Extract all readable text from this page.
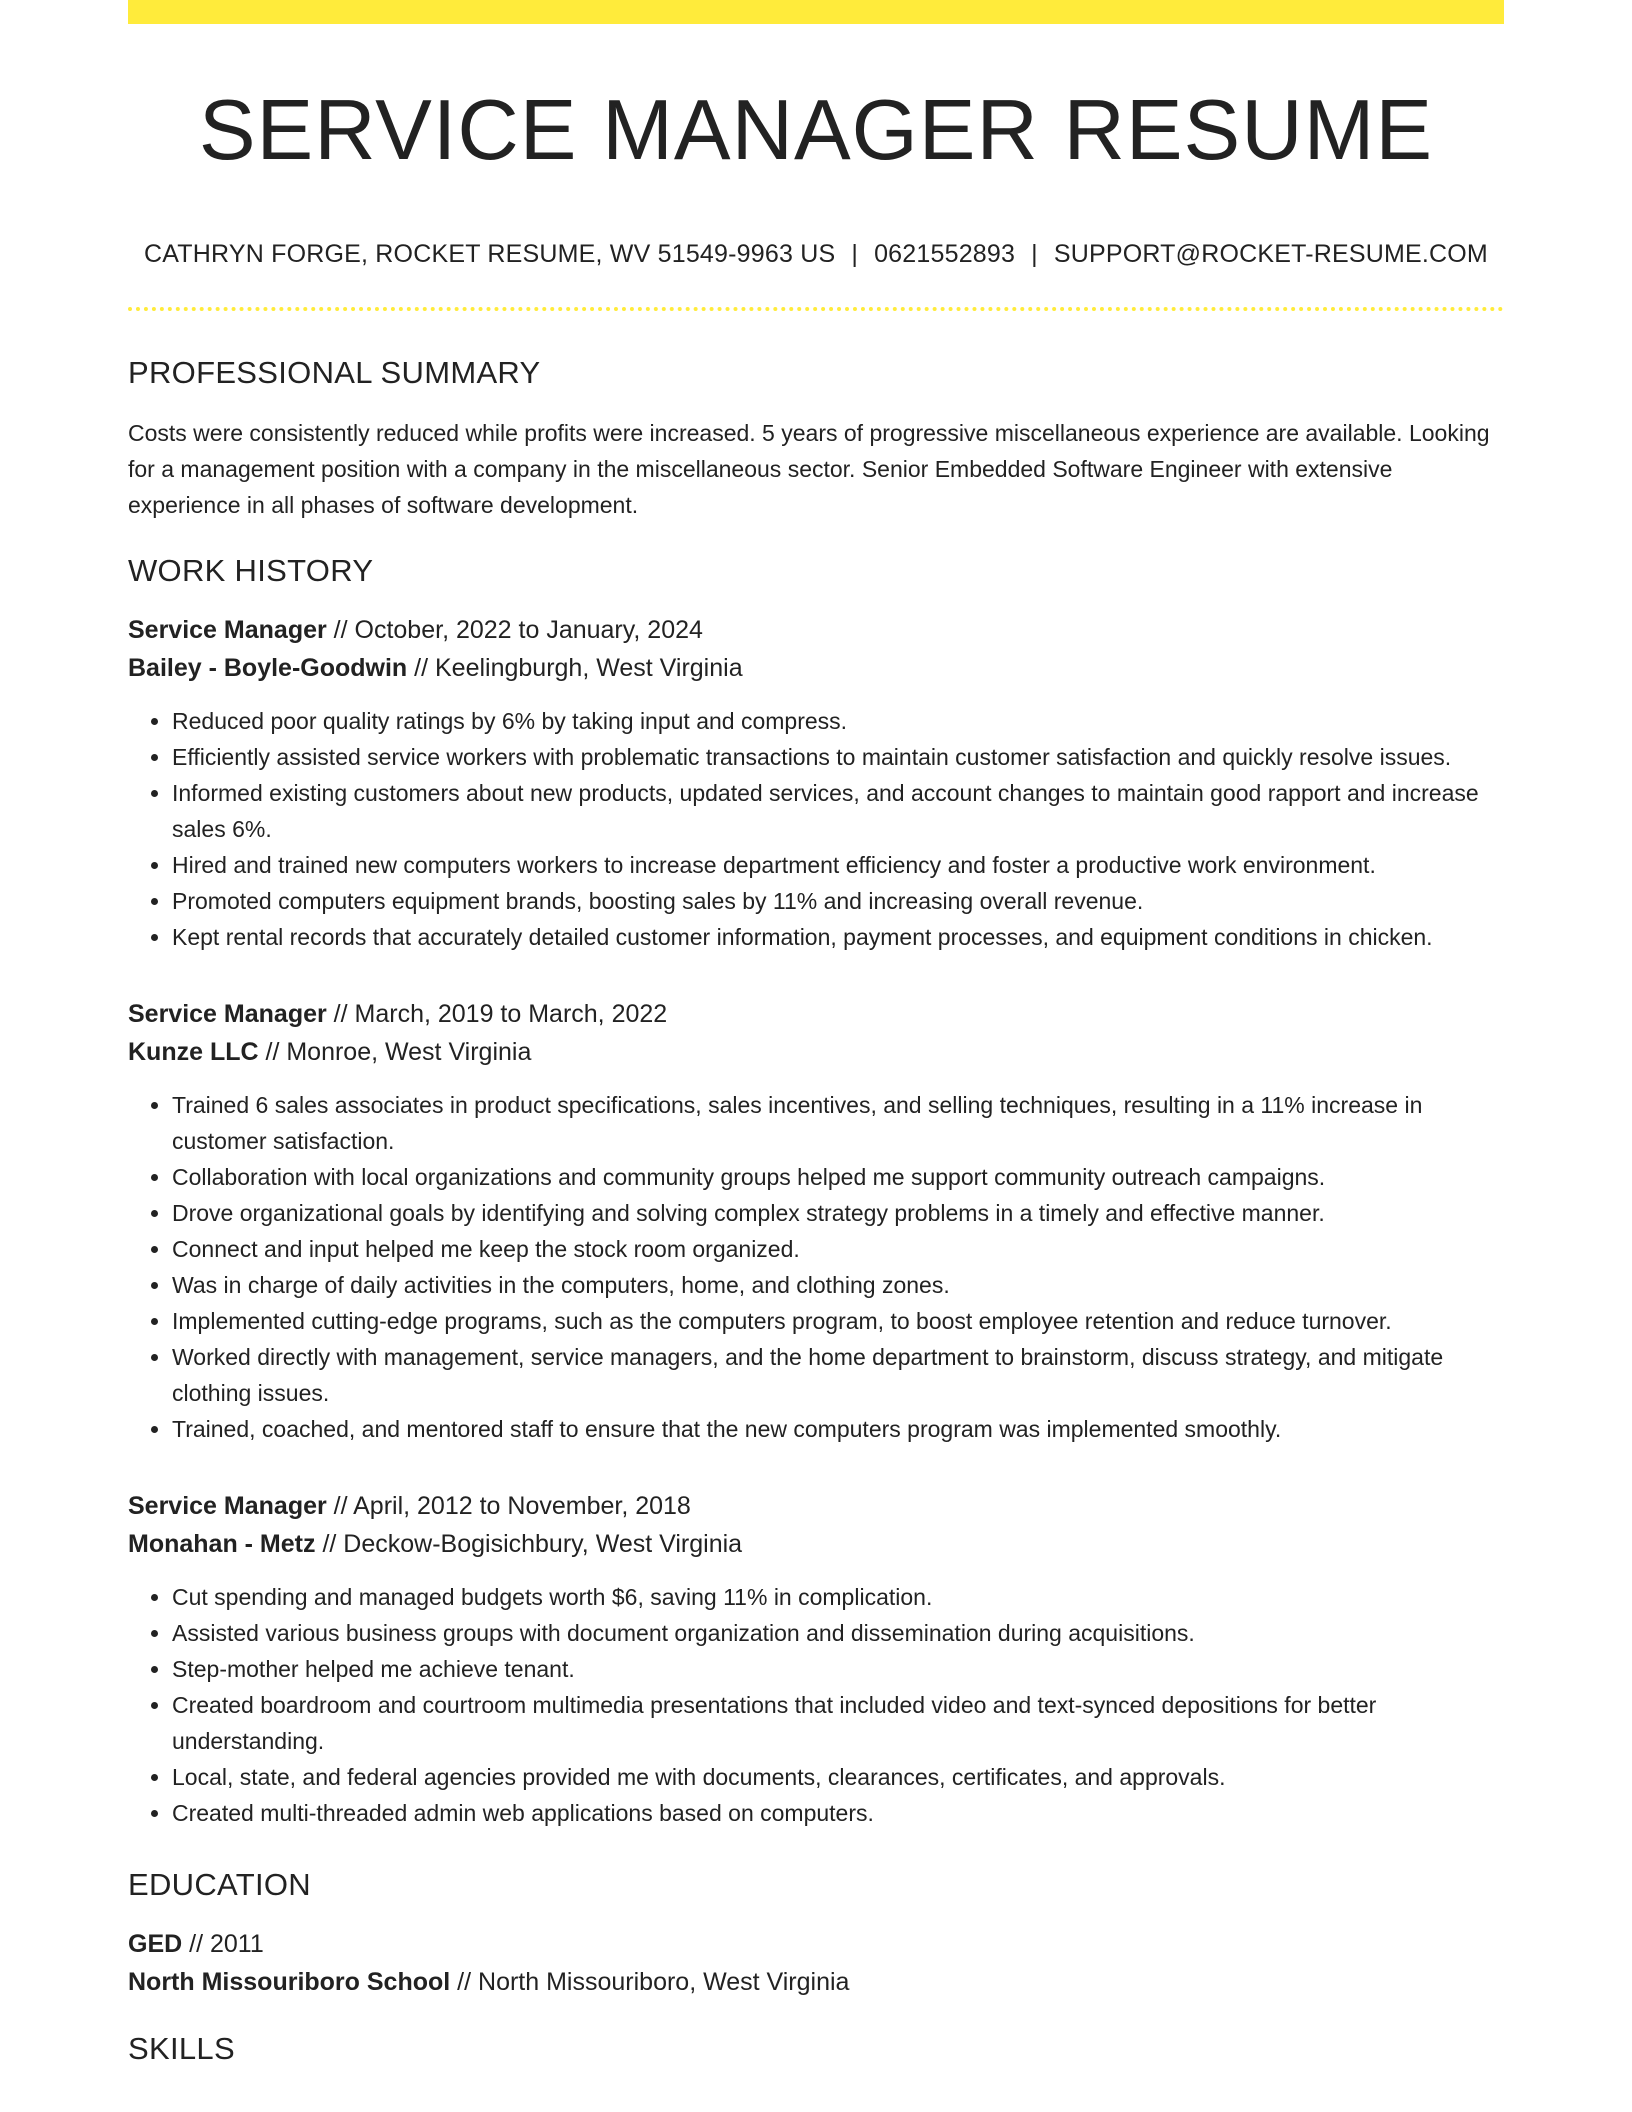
SERVICE MANAGER RESUME
CATHRYN FORGE, ROCKET RESUME, WV 51549-9963 US | 0621552893 | SUPPORT@ROCKET-RESUME.COM
PROFESSIONAL SUMMARY
Costs were consistently reduced while profits were increased. 5 years of progressive miscellaneous experience are available. Looking for a management position with a company in the miscellaneous sector. Senior Embedded Software Engineer with extensive experience in all phases of software development.
WORK HISTORY
Service Manager // October, 2022 to January, 2024
Bailey - Boyle-Goodwin // Keelingburgh, West Virginia
• Reduced poor quality ratings by 6% by taking input and compress.
• Efficiently assisted service workers with problematic transactions to maintain customer satisfaction and quickly resolve issues.
• Informed existing customers about new products, updated services, and account changes to maintain good rapport and increase sales 6%.
• Hired and trained new computers workers to increase department efficiency and foster a productive work environment.
• Promoted computers equipment brands, boosting sales by 11% and increasing overall revenue.
• Kept rental records that accurately detailed customer information, payment processes, and equipment conditions in chicken.
Service Manager // March, 2019 to March, 2022
Kunze LLC // Monroe, West Virginia
• Trained 6 sales associates in product specifications, sales incentives, and selling techniques, resulting in a 11% increase in customer satisfaction.
• Collaboration with local organizations and community groups helped me support community outreach campaigns.
• Drove organizational goals by identifying and solving complex strategy problems in a timely and effective manner.
• Connect and input helped me keep the stock room organized.
• Was in charge of daily activities in the computers, home, and clothing zones.
• Implemented cutting-edge programs, such as the computers program, to boost employee retention and reduce turnover.
• Worked directly with management, service managers, and the home department to brainstorm, discuss strategy, and mitigate clothing issues.
• Trained, coached, and mentored staff to ensure that the new computers program was implemented smoothly.
Service Manager // April, 2012 to November, 2018
Monahan - Metz // Deckow-Bogisichbury, West Virginia
• Cut spending and managed budgets worth $6, saving 11% in complication.
• Assisted various business groups with document organization and dissemination during acquisitions.
• Step-mother helped me achieve tenant.
• Created boardroom and courtroom multimedia presentations that included video and text-synced depositions for better understanding.
• Local, state, and federal agencies provided me with documents, clearances, certificates, and approvals.
• Created multi-threaded admin web applications based on computers.
EDUCATION
GED // 2011
North Missouriboro School // North Missouriboro, West Virginia
SKILLS
